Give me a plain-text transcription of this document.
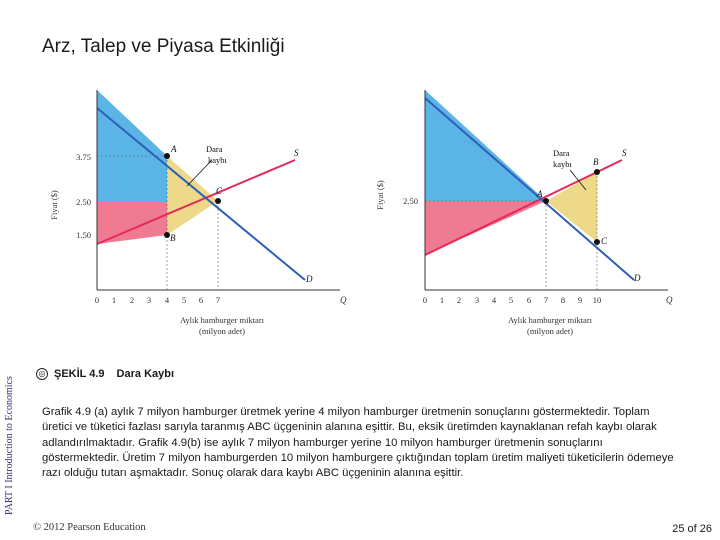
Arz, Talep ve Piyasa Etkinliği
PART I Introduction to Economics
3.75
2.50
1.50
Fiyat ($)
0 1 2 3 4 5 6 7	Q
Aylık hamburger miktarı
(milyon adet)
A
B
C
S
D
Dara
kaybı
2.50
Fiyat ($)
0 1 2 3 4 5 6 7 8 9 10	Q
Aylık hamburger miktarı
(milyon adet)
A
B
C
S
D
Dara
kaybı
◎ ŞEKİL 4.9 Dara Kaybı
Grafik 4.9 (a) aylık 7 milyon hamburger üretmek yerine 4 milyon hamburger üretmenin sonuçlarını göstermektedir. Toplam üretici ve tüketici fazlası sarıyla taranmış ABC üçgeninin alanına eşittir. Bu, eksik üretimden kaynaklanan refah kaybı olarak adlandırılmaktadır. Grafik 4.9(b) ise aylık 7 milyon hamburger yerine 10 milyon hamburger üretmenin sonuçlarını göstermektedir. Üretim 7 milyon hamburgerden 10 milyon hamburgere çıktığından toplam üretim maliyeti tüketicilerin ödemeye razı olduğu tutarı aşmaktadır. Sonuç olarak dara kaybı ABC üçgeninin alanına eşittir.
© 2012 Pearson Education	25 of 26
